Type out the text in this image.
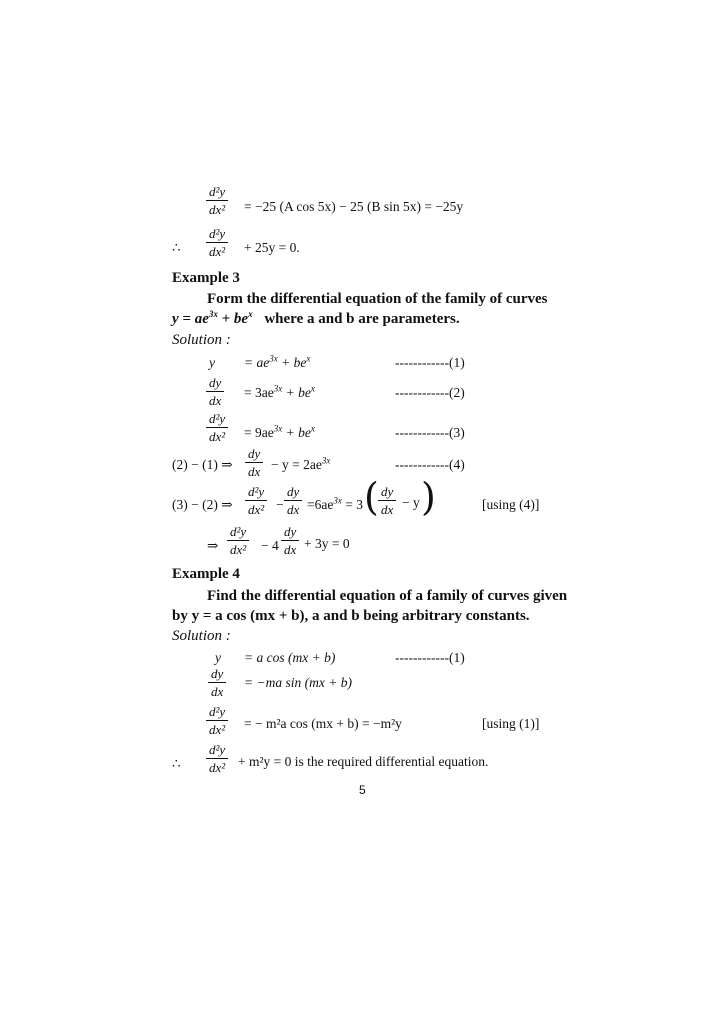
$\frac{\text{d²y}}{\text{dx²}} = -25$ (A cos 5x) − 25 (B sin 5x) = −25y
∴ $\frac{\text{d²y}}{\text{dx²}} + 25y = 0$.
Example 3
Form the differential equation of the family of curves
$y = ae^{3x} + be^x$ where a and b are parameters.
Solution :
$y = ae^{3x} + be^x$	------------(1)
$\frac{dy}{dx} = 3ae^{3x} + be^x$	------------(2)
$\frac{\text{d²y}}{\text{dx²}} = 9ae^{3x} + be^x$	------------(3)
(2) − (1) ⇒ $\frac{dy}{dx} - y = 2ae^{3x}$	------------(4)
(3) − (2) ⇒ $\frac{\text{d²y}}{\text{dx²}} - \frac{dy}{dx} =6ae^{3x} = 3$ ( $\frac{dy}{dx} - y$ )	[using (4)]
⇒ $\frac{\text{d²y}}{\text{dx²}} - 4 \frac{dy}{dx} + 3y = 0$
Example 4
Find the differential equation of a family of curves given
by y = a cos (mx + b), a and b being arbitrary constants.
Solution :
y = a cos (mx + b)	------------(1)
$\frac{dy}{dx} = -ma$ sin (mx + b)
$\frac{\text{d²y}}{\text{dx²}}$ = − m²a cos (mx + b) = −m²y	[using (1)]
∴ $\frac{\text{d²y}}{\text{dx²}} + m^2y = 0$ is the required differential equation.
5
